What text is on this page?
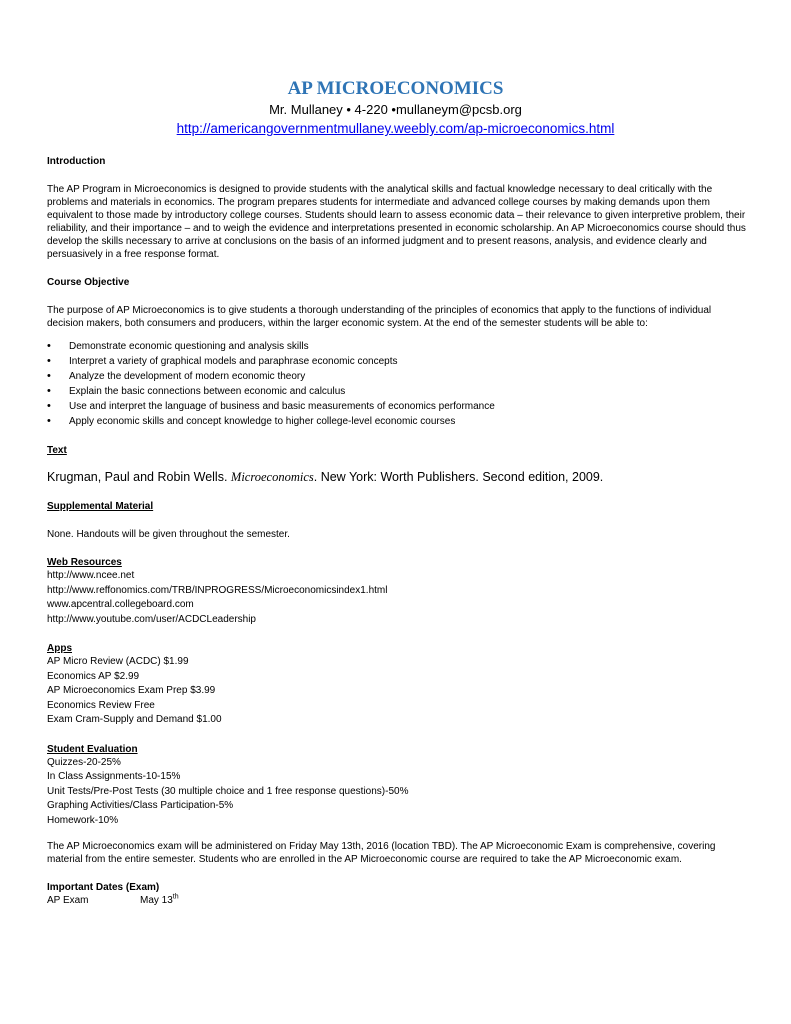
AP MICROECONOMICS
Mr. Mullaney • 4-220 •mullaneym@pcsb.org
http://americangovernmentmullaney.weebly.com/ap-microeconomics.html
Introduction

The AP Program in Microeconomics is designed to provide students with the analytical skills and factual knowledge necessary to deal critically with the problems and materials in economics. The program prepares students for intermediate and advanced college courses by making demands upon them equivalent to those made by introductory college courses. Students should learn to assess economic data – their relevance to given interpretive problem, their reliability, and their importance – and to weigh the evidence and interpretations presented in economic scholarship. An AP Microeconomics course should thus develop the skills necessary to arrive at conclusions on the basis of an informed judgment and to present reasons, analysis, and evidence clearly and persuasively in a free response format.

Course Objective

The purpose of AP Microeconomics is to give students a thorough understanding of the principles of economics that apply to the functions of individual decision makers, both consumers and producers, within the larger economic system. At the end of the semester students will be able to:

• Demonstrate economic questioning and analysis skills
• Interpret a variety of graphical models and paraphrase economic concepts
• Analyze the development of modern economic theory
• Explain the basic connections between economic and calculus
• Use and interpret the language of business and basic measurements of economics performance
• Apply economic skills and concept knowledge to higher college-level economic courses
Text

Krugman, Paul and Robin Wells. Microeconomics. New York: Worth Publishers. Second edition, 2009.

Supplemental Material

None. Handouts will be given throughout the semester.

Web Resources
http://www.ncee.net
http://www.reffonomics.com/TRB/INPROGRESS/Microeconomicsindex1.html
www.apcentral.collegeboard.com
http://www.youtube.com/user/ACDCLeadership
Apps
AP Micro Review (ACDC) $1.99
Economics AP $2.99
AP Microeconomics Exam Prep $3.99
Economics Review Free
Exam Cram-Supply and Demand $1.00
Student Evaluation
Quizzes-20-25%
In Class Assignments-10-15%
Unit Tests/Pre-Post Tests (30 multiple choice and 1 free response questions)-50%
Graphing Activities/Class Participation-5%
Homework-10%

The AP Microeconomics exam will be administered on Friday May 13th, 2016 (location TBD). The AP Microeconomic Exam is comprehensive, covering material from the entire semester. Students who are enrolled in the AP Microeconomic course are required to take the AP Microeconomic exam.

Important Dates (Exam)
AP Exam	May 13th
